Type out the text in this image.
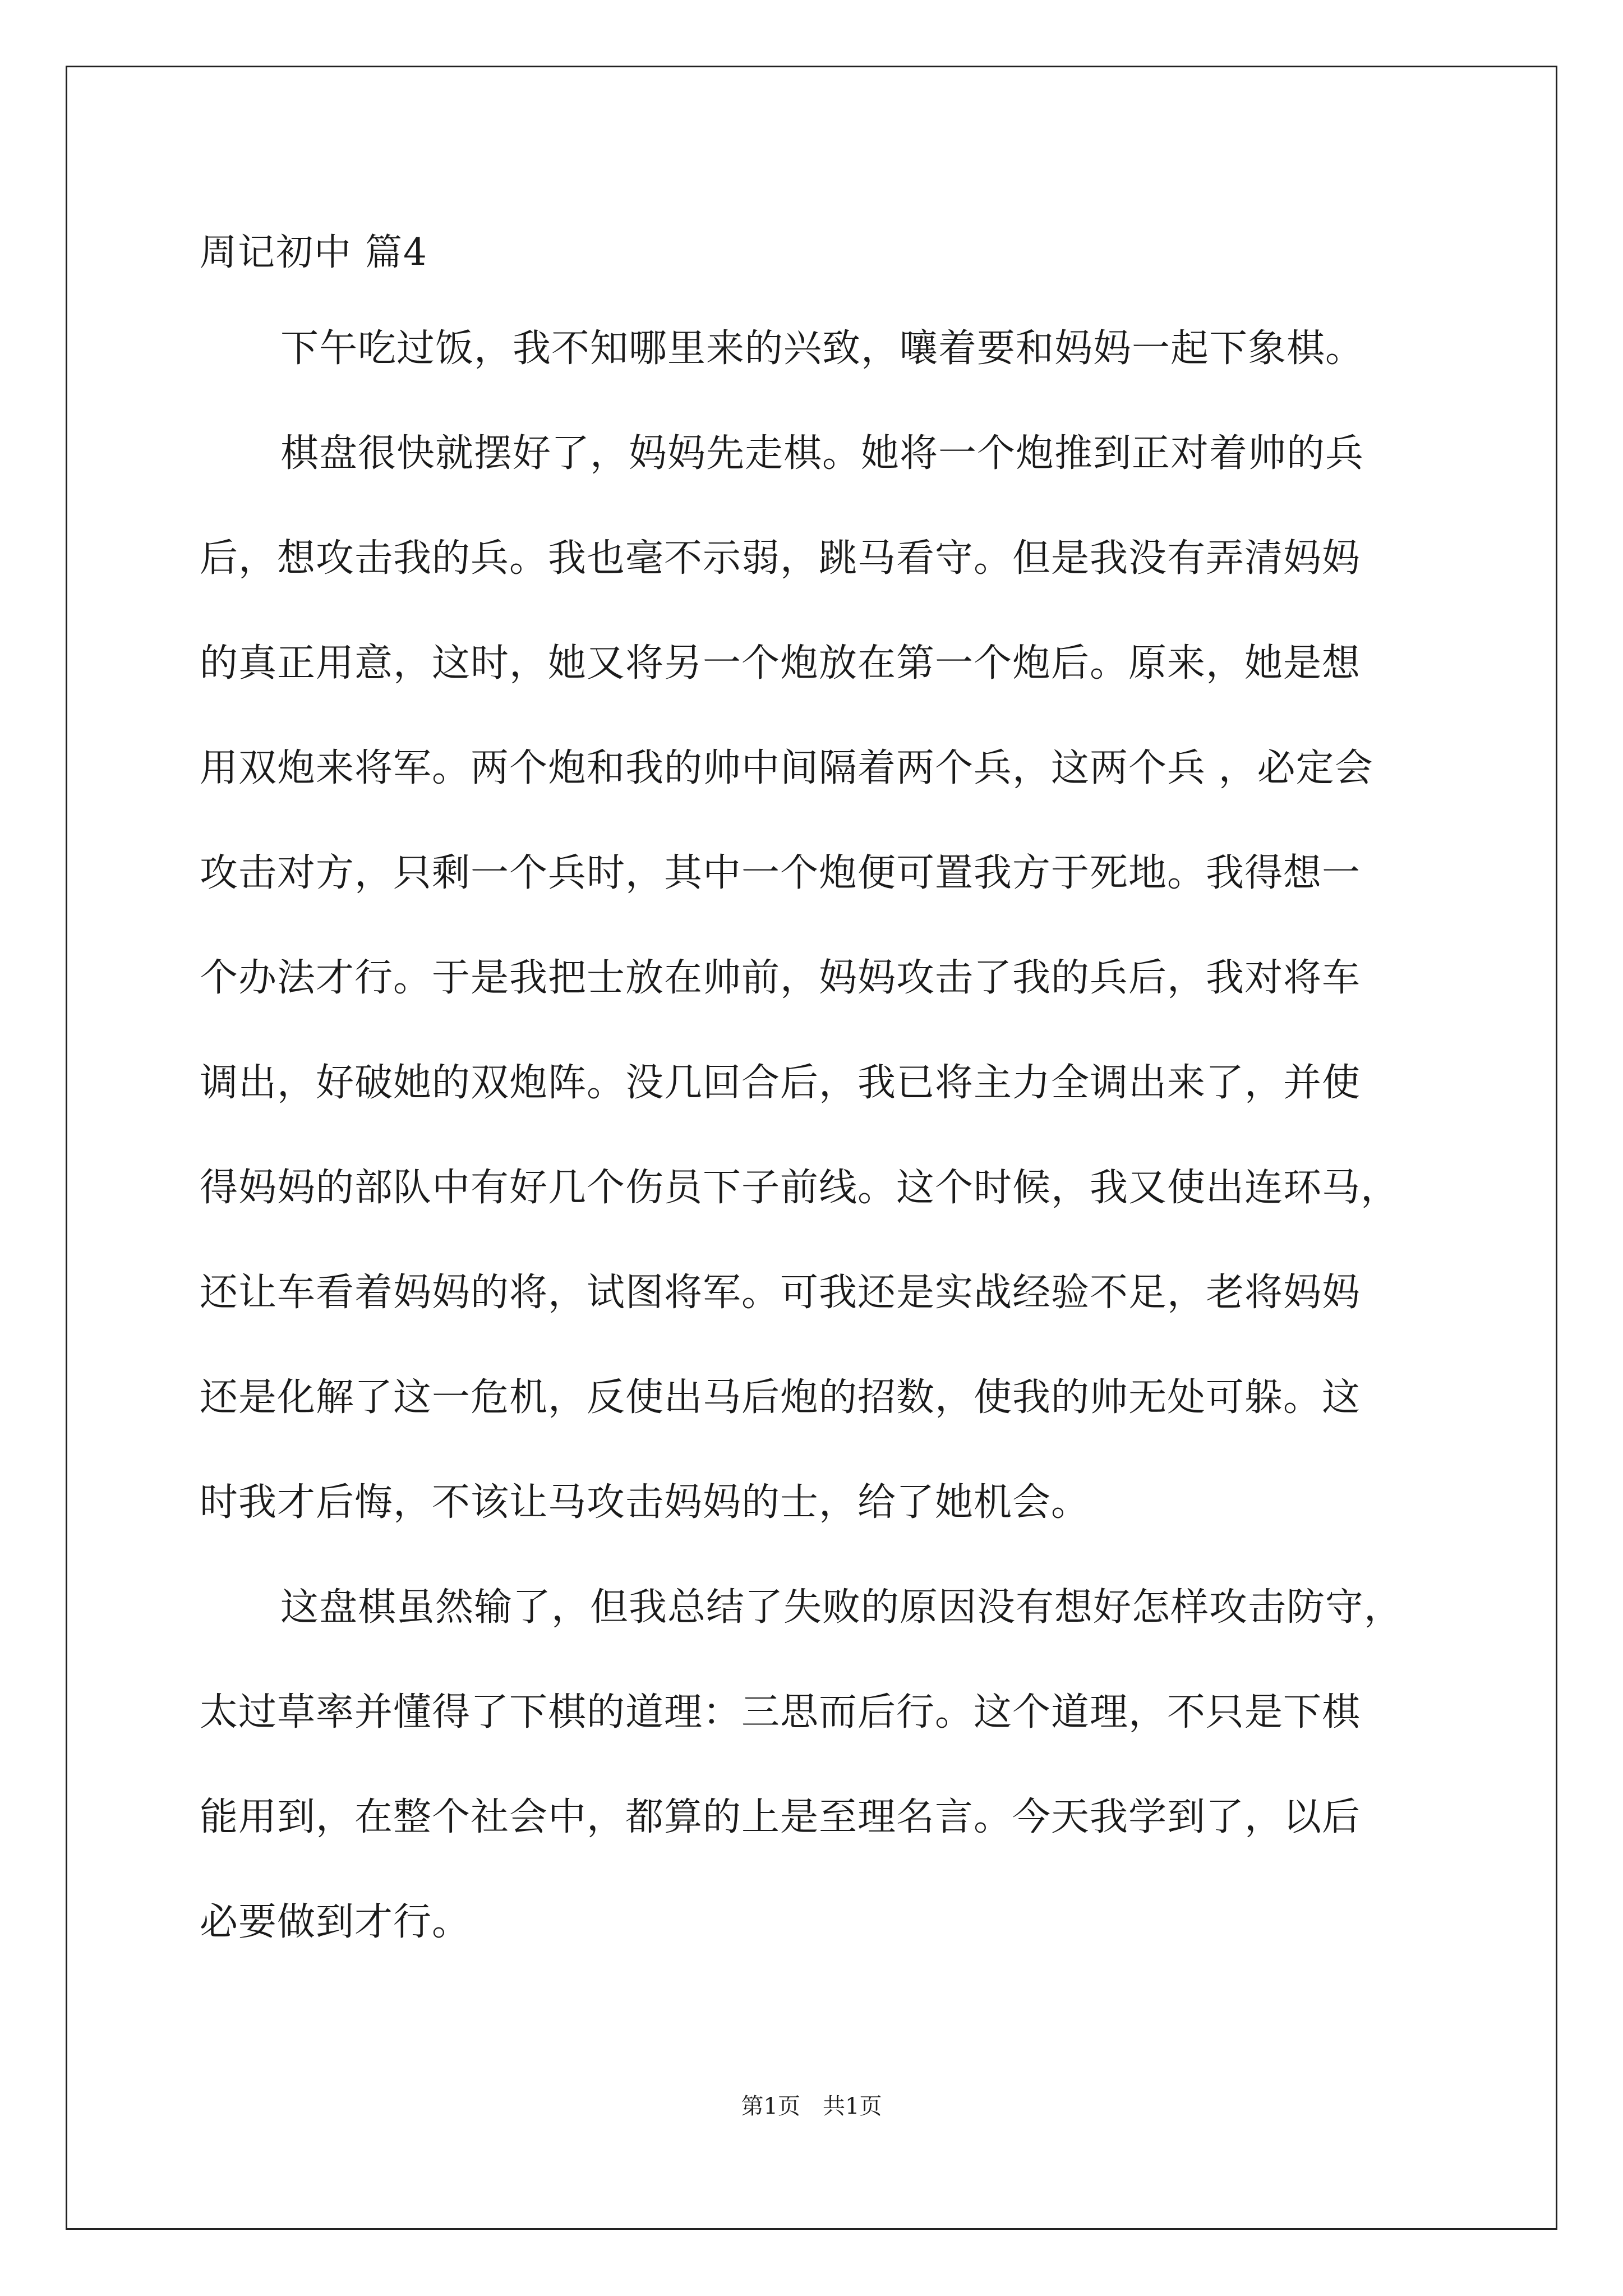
周记初中 篇4
下午吃过饭，我不知哪里来的兴致，嚷着要和妈妈一起下象棋。
棋盘很快就摆好了，妈妈先走棋。她将一个炮推到正对着帅的兵
后，想攻击我的兵。我也毫不示弱，跳马看守。但是我没有弄清妈妈
的真正用意，这时，她又将另一个炮放在第一个炮后。原来，她是想
用双炮来将军。两个炮和我的帅中间隔着两个兵，这两个兵 ，必定会
攻击对方，只剩一个兵时，其中一个炮便可置我方于死地。我得想一
个办法才行。于是我把士放在帅前，妈妈攻击了我的兵后，我对将车
调出，好破她的双炮阵。没几回合后，我已将主力全调出来了，并使
得妈妈的部队中有好几个伤员下子前线。这个时候，我又使出连环马，
还让车看着妈妈的将，试图将军。可我还是实战经验不足，老将妈妈
还是化解了这一危机，反使出马后炮的招数，使我的帅无处可躲。这
时我才后悔，不该让马攻击妈妈的士，给了她机会。
这盘棋虽然输了，但我总结了失败的原因没有想好怎样攻击防守，
太过草率并懂得了下棋的道理：三思而后行。这个道理，不只是下棋
能用到，在整个社会中，都算的上是至理名言。今天我学到了，以后
必要做到才行。
第1页 共1页
